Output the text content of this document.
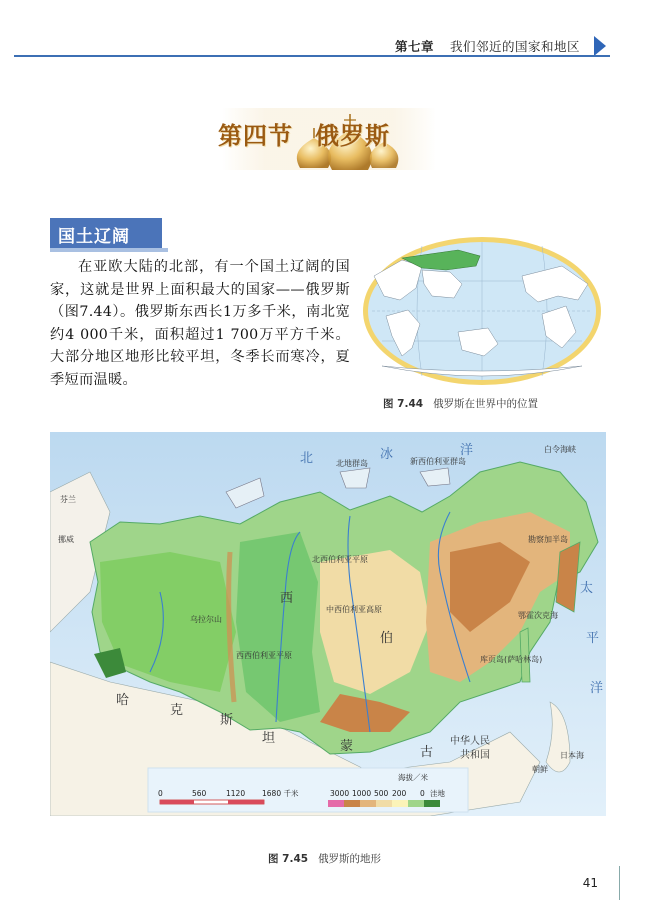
第七章 我们邻近的国家和地区
第四节 俄罗斯
国土辽阔

在亚欧大陆的北部，有一个国土辽阔的国家，这就是世界上面积最大的国家——俄罗斯（图7.44）。俄罗斯东西长1万多千米，南北宽约4 000千米，面积超过1 700万平方千米。大部分地区地形比较平坦，冬季长而寒冷，夏季短而温暖。

图 7.44 俄罗斯在世界中的位置
北	冰	洋
太
平
洋
北地群岛	新西伯利亚群岛
北西伯利亚平原
中西伯利亚高原
西西伯利亚平原
乌拉尔山	鄂霍次克海
日本海
朝鲜
白令海峡
勘察加半岛
库页岛(萨哈林岛)
芬兰
挪威
西
伯
哈
克
斯
坦
蒙	古
中华人民
共和国
海拔／米
3000 1000 500 200 0 洼地
0	560	1120 1680 千米
图 7.45 俄罗斯的地形
41
